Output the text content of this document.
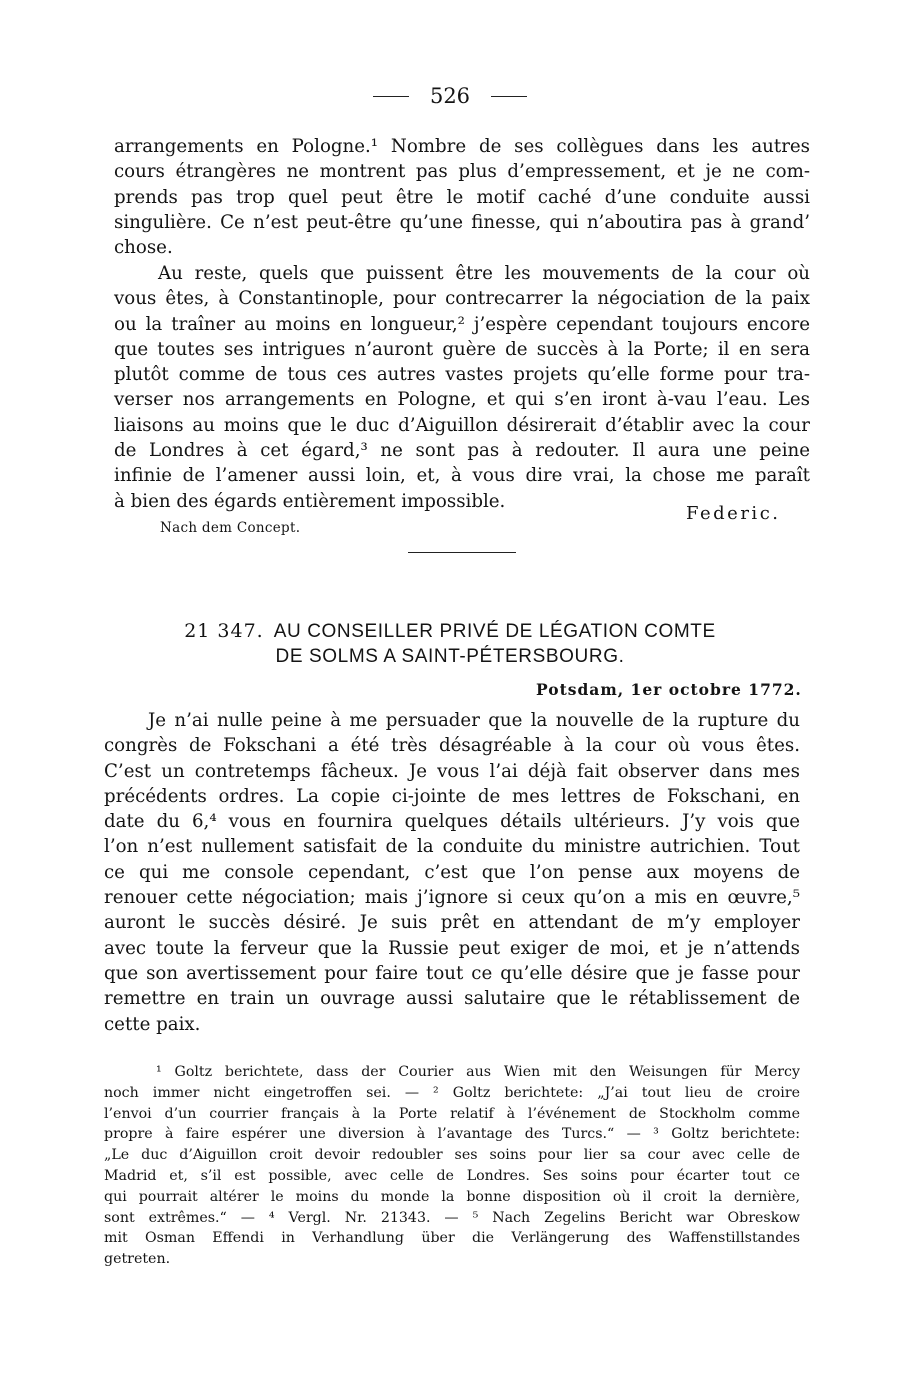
526
arrangements en Pologne.¹ Nombre de ses collègues dans les autres
cours étrangères ne montrent pas plus d’empressement, et je ne com-
prends pas trop quel peut être le motif caché d’une conduite aussi
singulière. Ce n’est peut-être qu’une finesse, qui n’aboutira pas à grand’
chose.
Au reste, quels que puissent être les mouvements de la cour où
vous êtes, à Constantinople, pour contrecarrer la négociation de la paix
ou la traîner au moins en longueur,² j’espère cependant toujours encore
que toutes ses intrigues n’auront guère de succès à la Porte; il en sera
plutôt comme de tous ces autres vastes projets qu’elle forme pour tra-
verser nos arrangements en Pologne, et qui s’en iront à-vau l’eau. Les
liaisons au moins que le duc d’Aiguillon désirerait d’établir avec la cour
de Londres à cet égard,³ ne sont pas à redouter. Il aura une peine
infinie de l’amener aussi loin, et, à vous dire vrai, la chose me paraît
à bien des égards entièrement impossible.
Federic.
Nach dem Concept.
21 347. AU CONSEILLER PRIVÉ DE LÉGATION COMTE
DE SOLMS A SAINT-PÉTERSBOURG.
Potsdam, 1er octobre 1772.
Je n’ai nulle peine à me persuader que la nouvelle de la rupture du
congrès de Fokschani a été très désagréable à la cour où vous êtes.
C’est un contretemps fâcheux. Je vous l’ai déjà fait observer dans mes
précédents ordres. La copie ci-jointe de mes lettres de Fokschani, en
date du 6,⁴ vous en fournira quelques détails ultérieurs. J’y vois que
l’on n’est nullement satisfait de la conduite du ministre autrichien. Tout
ce qui me console cependant, c’est que l’on pense aux moyens de
renouer cette négociation; mais j’ignore si ceux qu’on a mis en œuvre,⁵
auront le succès désiré. Je suis prêt en attendant de m’y employer
avec toute la ferveur que la Russie peut exiger de moi, et je n’attends
que son avertissement pour faire tout ce qu’elle désire que je fasse pour
remettre en train un ouvrage aussi salutaire que le rétablissement de
cette paix.
¹ Goltz berichtete, dass der Courier aus Wien mit den Weisungen für Mercy
noch immer nicht eingetroffen sei. — ² Goltz berichtete: „J’ai tout lieu de croire
l’envoi d’un courrier français à la Porte relatif à l’événement de Stockholm comme
propre à faire espérer une diversion à l’avantage des Turcs.“ — ³ Goltz berichtete:
„Le duc d’Aiguillon croit devoir redoubler ses soins pour lier sa cour avec celle de
Madrid et, s’il est possible, avec celle de Londres. Ses soins pour écarter tout ce
qui pourrait altérer le moins du monde la bonne disposition où il croit la dernière,
sont extrêmes.“ — ⁴ Vergl. Nr. 21343. — ⁵ Nach Zegelins Bericht war Obreskow
mit Osman Effendi in Verhandlung über die Verlängerung des Waffenstillstandes
getreten.
